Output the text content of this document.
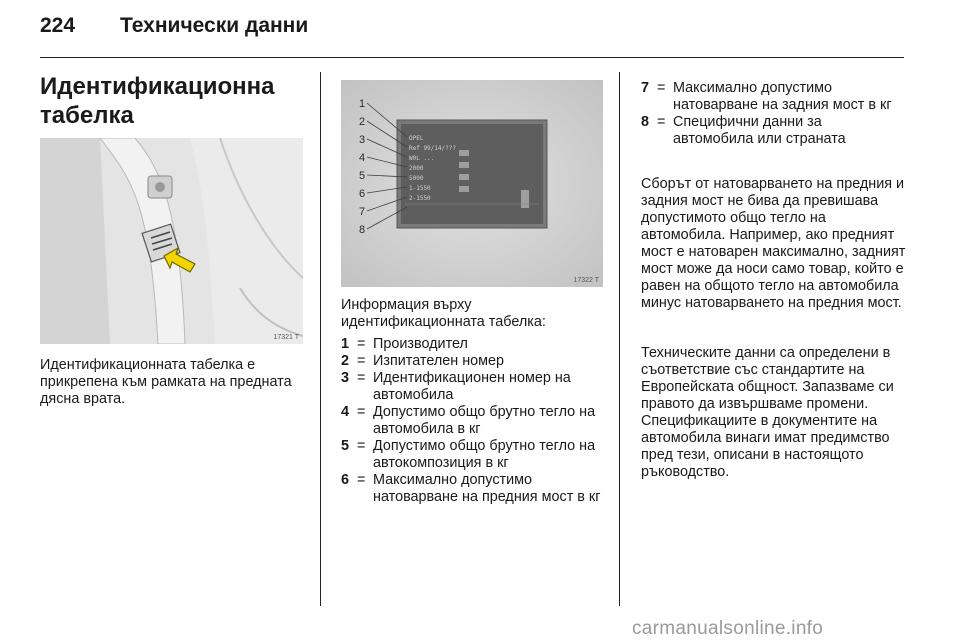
224 Технически данни
Идентификационна табелка
17321 T
Идентификационната табелка е прикрепена към рамката на предната дясна врата.
OPEL
Ref 99/14/???
W0L ...
2000
5000
1-1550
2-1550
1
2
3
4
5
6
7
8
17322 T
Информация върху идентификационната табелка:
1 = Производител
2 = Изпитателен номер
3 = Идентификационен номер на автомобила
4 = Допустимо общо брутно тегло на автомобила в кг
5 = Допустимо общо брутно тегло на автокомпозиция в кг
6 = Максимално допустимо натоварване на предния мост в кг
7 = Максимално допустимо натоварване на задния мост в кг
8 = Специфични данни за автомобила или страната
Сборът от натоварването на предния и задния мост не бива да превишава допустимото общо тегло на автомобила. Например, ако предният мост е натоварен максимално, задният мост може да носи само товар, който е равен на общото тегло на автомобила минус натоварването на предния мост.
Техническите данни са определени в съответствие със стандартите на Европейската общност. Запазваме си правото да извършваме промени. Спецификациите в документите на автомобила винаги имат предимство пред тези, описани в настоящото ръководство.
carmanualsonline.info
